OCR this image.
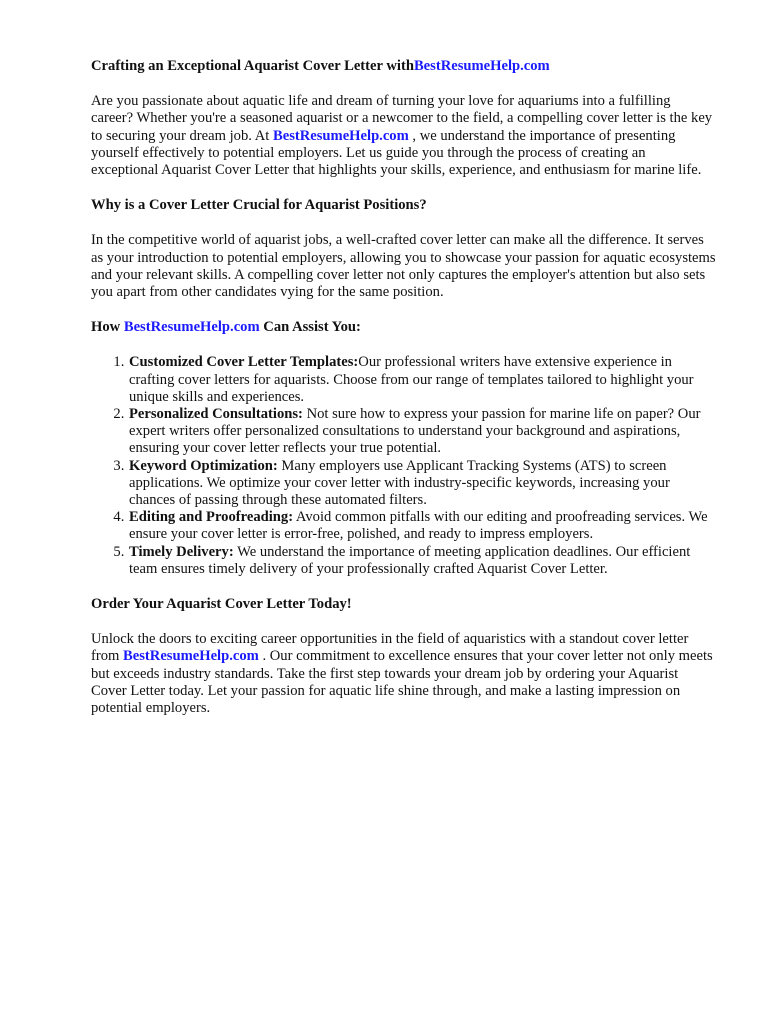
Crafting an Exceptional Aquarist Cover Letter withBestResumeHelp.com

Are you passionate about aquatic life and dream of turning your love for aquariums into a fulfilling career? Whether you're a seasoned aquarist or a newcomer to the field, a compelling cover letter is the key to securing your dream job. At BestResumeHelp.com , we understand the importance of presenting yourself effectively to potential employers. Let us guide you through the process of creating an exceptional Aquarist Cover Letter that highlights your skills, experience, and enthusiasm for marine life.

Why is a Cover Letter Crucial for Aquarist Positions?

In the competitive world of aquarist jobs, a well-crafted cover letter can make all the difference. It serves as your introduction to potential employers, allowing you to showcase your passion for aquatic ecosystems and your relevant skills. A compelling cover letter not only captures the employer's attention but also sets you apart from other candidates vying for the same position.

How BestResumeHelp.com Can Assist You:
1. Customized Cover Letter Templates:Our professional writers have extensive experience in crafting cover letters for aquarists. Choose from our range of templates tailored to highlight your unique skills and experiences.
2. Personalized Consultations: Not sure how to express your passion for marine life on paper? Our expert writers offer personalized consultations to understand your background and aspirations, ensuring your cover letter reflects your true potential.
3. Keyword Optimization: Many employers use Applicant Tracking Systems (ATS) to screen applications. We optimize your cover letter with industry-specific keywords, increasing your chances of passing through these automated filters.
4. Editing and Proofreading: Avoid common pitfalls with our editing and proofreading services. We ensure your cover letter is error-free, polished, and ready to impress employers.
5. Timely Delivery: We understand the importance of meeting application deadlines. Our efficient team ensures timely delivery of your professionally crafted Aquarist Cover Letter.
Order Your Aquarist Cover Letter Today!

Unlock the doors to exciting career opportunities in the field of aquaristics with a standout cover letter from BestResumeHelp.com . Our commitment to excellence ensures that your cover letter not only meets but exceeds industry standards. Take the first step towards your dream job by ordering your Aquarist Cover Letter today. Let your passion for aquatic life shine through, and make a lasting impression on potential employers.
